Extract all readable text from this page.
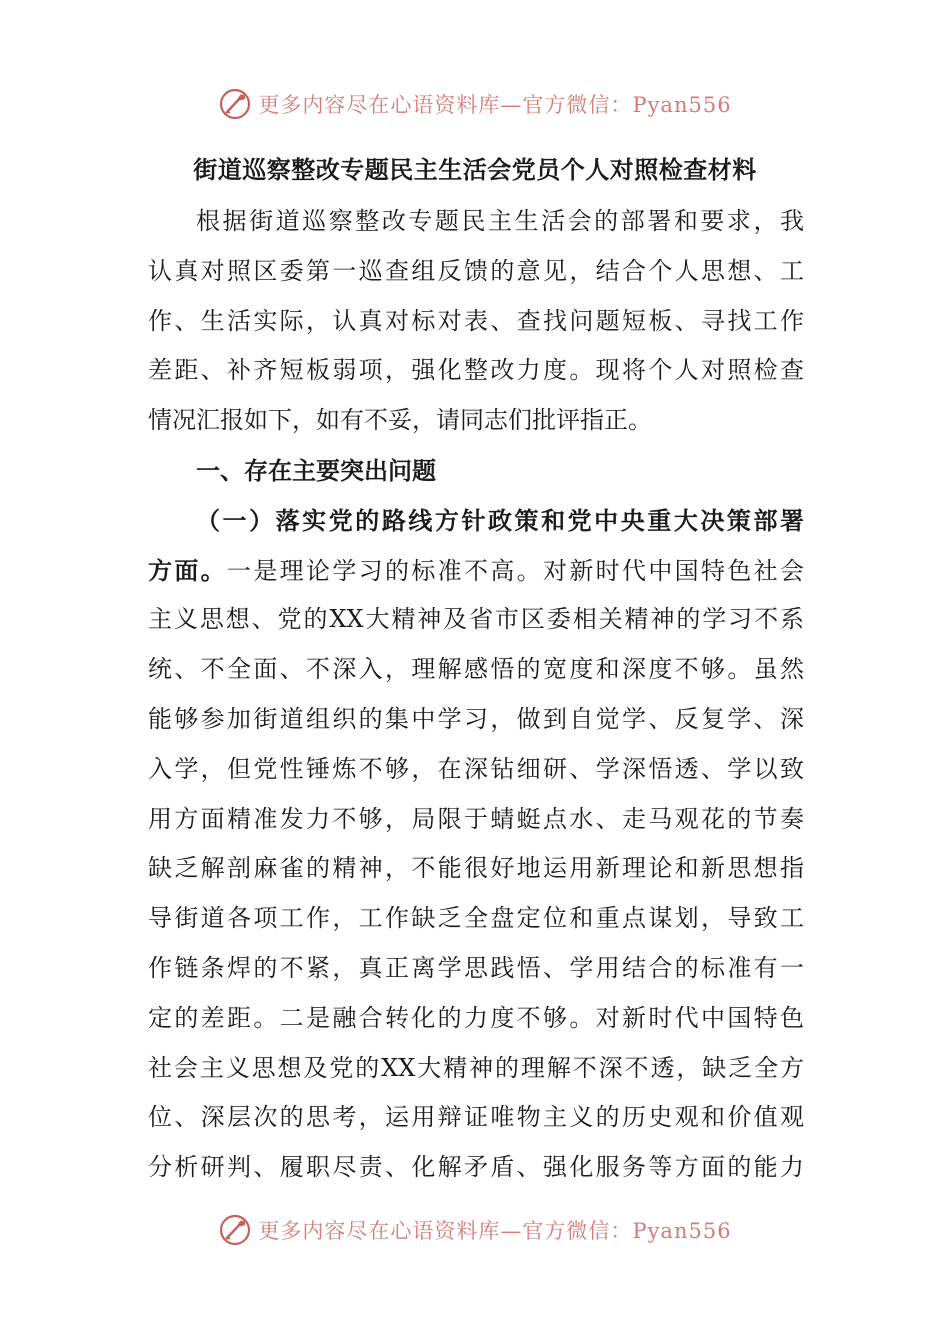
更多内容尽在心语资料库—官方微信：Pyan556
街道巡察整改专题民主生活会党员个人对照检查材料
根据街道巡察整改专题民主生活会的部署和要求，我
认真对照区委第一巡查组反馈的意见，结合个人思想、工
作、生活实际，认真对标对表、查找问题短板、寻找工作
差距、补齐短板弱项，强化整改力度。现将个人对照检查
情况汇报如下，如有不妥，请同志们批评指正。
一、存在主要突出问题
（一）落实党的路线方针政策和党中央重大决策部署
方面。一是理论学习的标准不高。对新时代中国特色社会
主义思想、党的XX大精神及省市区委相关精神的学习不系
统、不全面、不深入，理解感悟的宽度和深度不够。虽然
能够参加街道组织的集中学习，做到自觉学、反复学、深
入学，但党性锤炼不够，在深钻细研、学深悟透、学以致
用方面精准发力不够，局限于蜻蜓点水、走马观花的节奏
缺乏解剖麻雀的精神，不能很好地运用新理论和新思想指
导街道各项工作，工作缺乏全盘定位和重点谋划，导致工
作链条焊的不紧，真正离学思践悟、学用结合的标准有一
定的差距。二是融合转化的力度不够。对新时代中国特色
社会主义思想及党的XX大精神的理解不深不透，缺乏全方
位、深层次的思考，运用辩证唯物主义的历史观和价值观
分析研判、履职尽责、化解矛盾、强化服务等方面的能力
更多内容尽在心语资料库—官方微信：Pyan556
